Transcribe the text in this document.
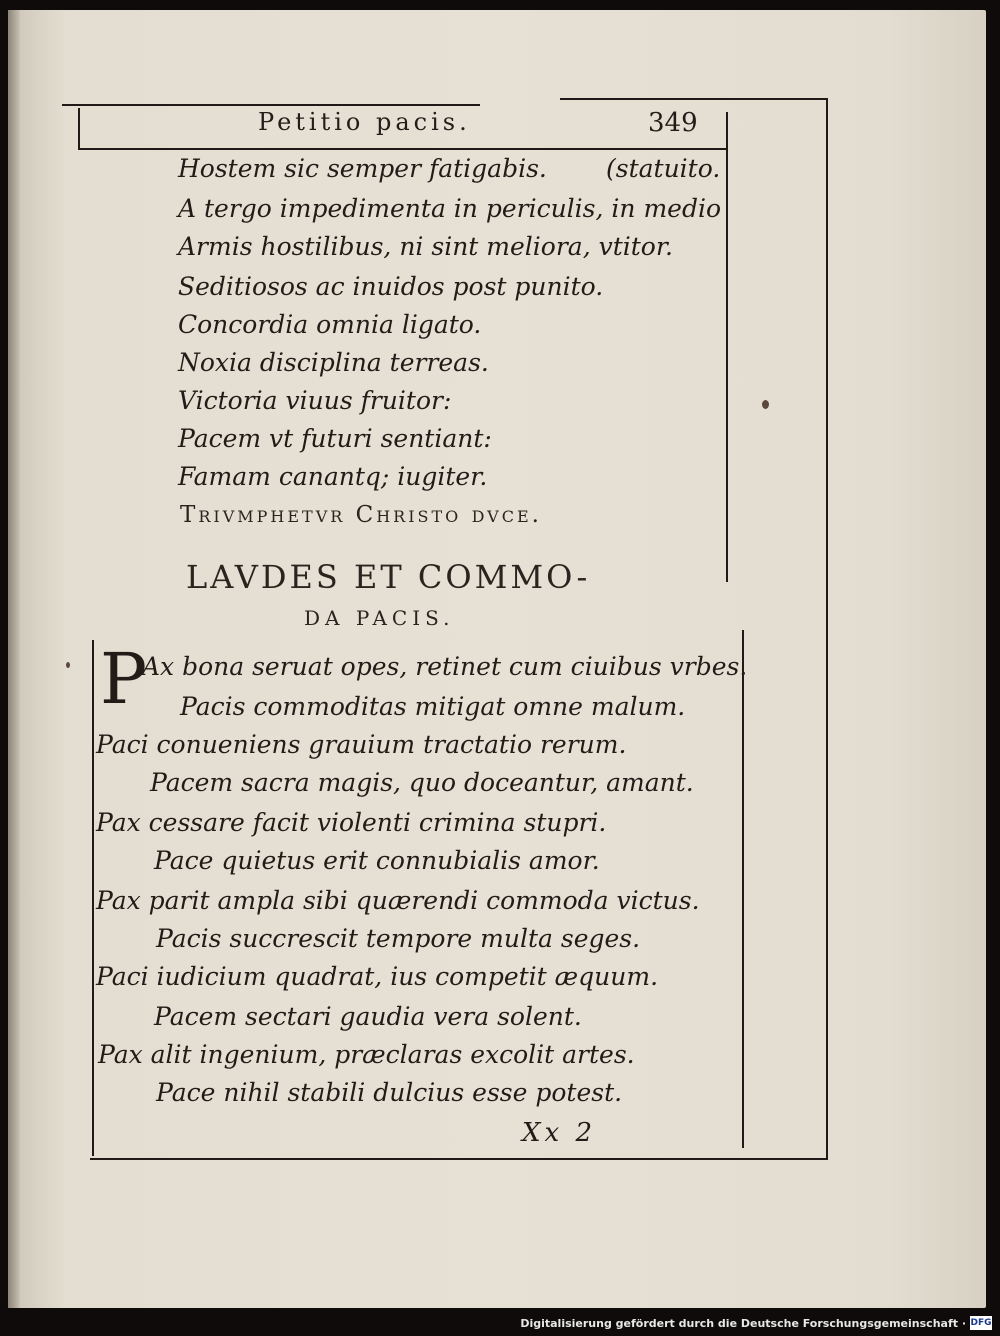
Petitio pacis.	349
Hostem sic semper fatigabis. (statuito.
A tergo impedimenta in periculis, in medio
Armis hostilibus, ni sint meliora, vtitor.
Seditiosos ac inuidos post punito.
Concordia omnia ligato.
Noxia disciplina terreas.
Victoria viuus fruitor:
Pacem vt futuri sentiant:
Famam canantq; iugiter.
Trivmphetvr Christo dvce.
LAVDES ET COMMO-
DA PACIS.
P
Ax bona seruat opes, retinet cum ciuibus vrbes.
Pacis commoditas mitigat omne malum.
Paci conueniens grauium tractatio rerum.
Pacem sacra magis, quo doceantur, amant.
Pax cessare facit violenti crimina stupri.
Pace quietus erit connubialis amor.
Pax parit ampla sibi quærendi commoda victus.
Pacis succrescit tempore multa seges.
Paci iudicium quadrat, ius competit æquum.
Pacem sectari gaudia vera solent.
Pax alit ingenium, præclaras excolit artes.
Pace nihil stabili dulcius esse potest.
Xx 2
Digitalisierung gefördert durch die Deutsche Forschungsgemeinschaft · DFG
